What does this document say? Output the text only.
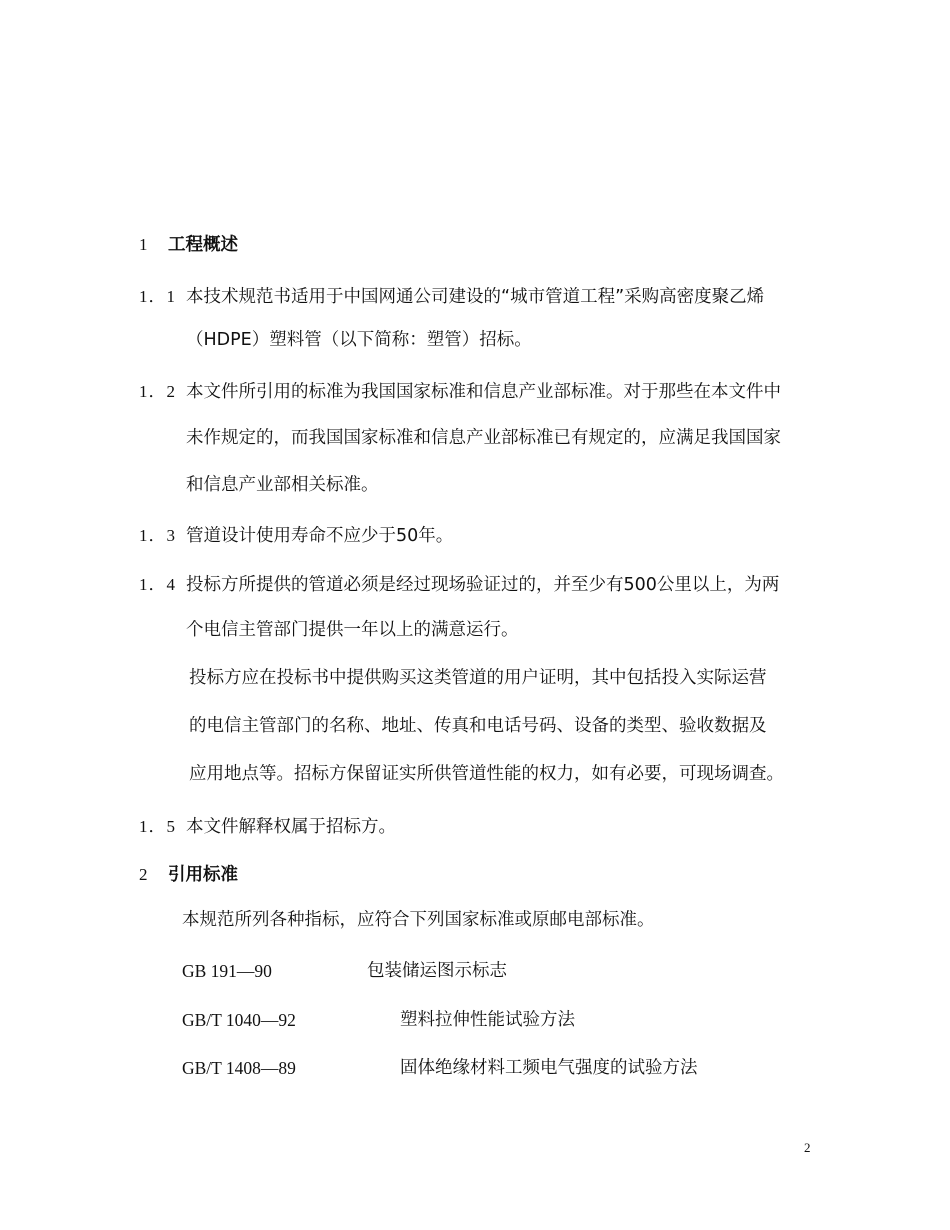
1 工程概述
1．1 本技术规范书适用于中国网通公司建设的“城市管道工程”采购高密度聚乙烯
（HDPE）塑料管（以下简称：塑管）招标。
1．2 本文件所引用的标准为我国国家标准和信息产业部标准。对于那些在本文件中
未作规定的，而我国国家标准和信息产业部标准已有规定的，应满足我国国家
和信息产业部相关标准。
1．3 管道设计使用寿命不应少于50年。
1．4 投标方所提供的管道必须是经过现场验证过的，并至少有500公里以上，为两
个电信主管部门提供一年以上的满意运行。
投标方应在投标书中提供购买这类管道的用户证明，其中包括投入实际运营
的电信主管部门的名称、地址、传真和电话号码、设备的类型、验收数据及
应用地点等。招标方保留证实所供管道性能的权力，如有必要，可现场调查。
1．5 本文件解释权属于招标方。
2 引用标准
本规范所列各种指标，应符合下列国家标准或原邮电部标准。
GB 191—90	包装储运图示标志
GB/T 1040—92	塑料拉伸性能试验方法
GB/T 1408—89	固体绝缘材料工频电气强度的试验方法
2
